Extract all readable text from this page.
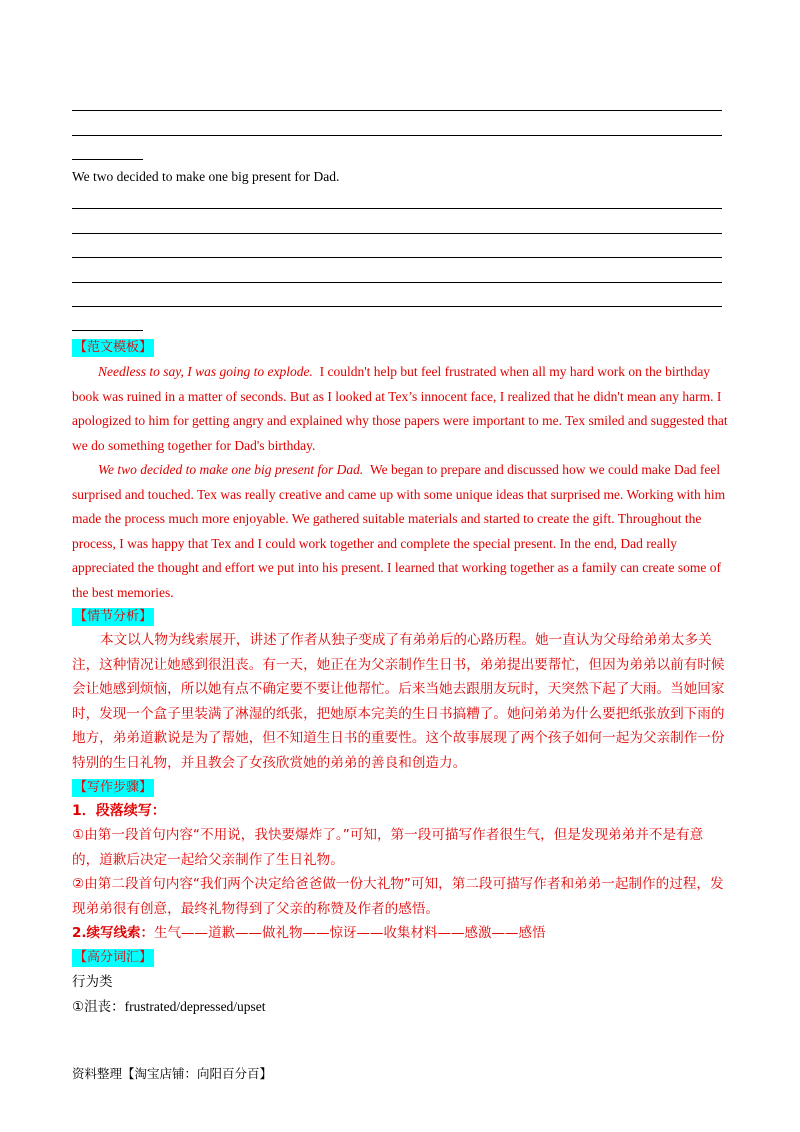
We two decided to make one big present for Dad.
【范文模板】
Needless to say, I was going to explode. I couldn't help but feel frustrated when all my hard work on the birthday book was ruined in a matter of seconds. But as I looked at Tex’s innocent face, I realized that he didn't mean any harm. I apologized to him for getting angry and explained why those papers were important to me. Tex smiled and suggested that we do something together for Dad's birthday.
We two decided to make one big present for Dad. We began to prepare and discussed how we could make Dad feel surprised and touched. Tex was really creative and came up with some unique ideas that surprised me. Working with him made the process much more enjoyable. We gathered suitable materials and started to create the gift. Throughout the process, I was happy that Tex and I could work together and complete the special present. In the end, Dad really appreciated the thought and effort we put into his present. I learned that working together as a family can create some of the best memories.
【情节分析】
本文以人物为线索展开，讲述了作者从独子变成了有弟弟后的心路历程。她一直认为父母给弟弟太多关注，这种情况让她感到很沮丧。有一天，她正在为父亲制作生日书，弟弟提出要帮忙，但因为弟弟以前有时候会让她感到烦恼，所以她有点不确定要不要让他帮忙。后来当她去跟朋友玩时，天突然下起了大雨。当她回家时，发现一个盒子里装满了淋湿的纸张，把她原本完美的生日书搞糟了。她问弟弟为什么要把纸张放到下雨的地方，弟弟道歉说是为了帮她，但不知道生日书的重要性。这个故事展现了两个孩子如何一起为父亲制作一份特别的生日礼物，并且教会了女孩欣赏她的弟弟的善良和创造力。
【写作步骤】
1．段落续写：
①由第一段首句内容“不用说，我快要爆炸了。”可知，第一段可描写作者很生气，但是发现弟弟并不是有意的，道歉后决定一起给父亲制作了生日礼物。
②由第二段首句内容“我们两个决定给爸爸做一份大礼物”可知，第二段可描写作者和弟弟一起制作的过程，发现弟弟很有创意，最终礼物得到了父亲的称赞及作者的感悟。
2.续写线索：生气——道歉——做礼物——惊讶——收集材料——感激——感悟
【高分词汇】
行为类
①沮丧：frustrated/depressed/upset
资料整理【淘宝店铺：向阳百分百】
